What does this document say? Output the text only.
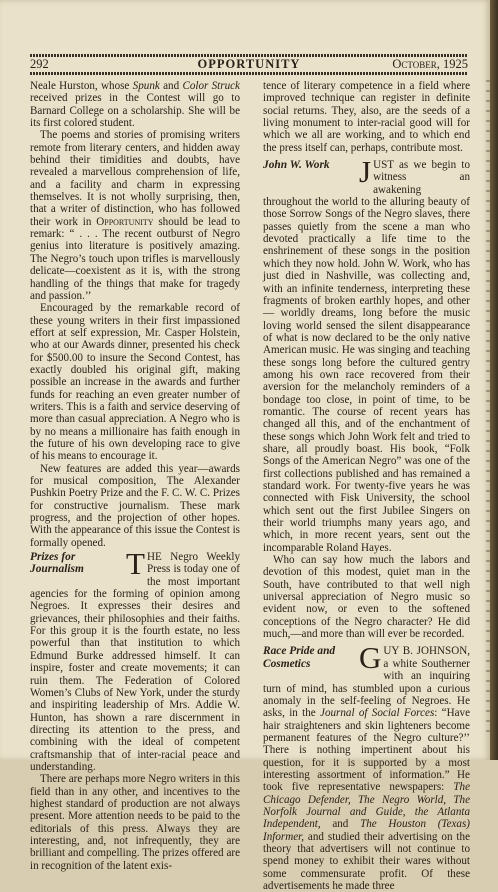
292	OPPORTUNITY	October, 1925

Neale Hurston, whose Spunk and Color Struck received prizes in the Contest will go to Barnard College on a scholarship. She will be its first colored student.

The poems and stories of promising writers remote from literary centers, and hidden away behind their timidities and doubts, have revealed a marvellous comprehension of life, and a facility and charm in expressing themselves. It is not wholly surprising, then, that a writer of distinction, who has followed their work in Opportunity should be lead to remark: “ . . . The recent outburst of Negro genius into literature is positively amazing. The Negro’s touch upon trifles is marvellously delicate—coexistent as it is, with the strong handling of the things that make for tragedy and passion.’’

Encouraged by the remarkable record of these young writers in their first impassioned effort at self expression, Mr. Casper Holstein, who at our Awards dinner, presented his check for $500.00 to insure the Second Contest, has exactly doubled his original gift, making possible an increase in the awards and further funds for reaching an even greater number of writers. This is a faith and service deserving of more than casual appreciation. A Negro who is by no means a millionaire has faith enough in the future of his own developing race to give of his means to encourage it.

New features are added this year—awards for musical composition, The Alexander Pushkin Poetry Prize and the F. C. W. C. Prizes for constructive journalism. These mark progress, and the projection of other hopes. With the appearance of this issue the Contest is formally opened.

Prizes for
Journalism	T HE Negro Weekly Press is today one of the most important agencies for the forming of opinion among Negroes. It expresses their desires and grievances, their philosophies and their faiths. For this group it is the fourth estate, no less powerful than that institution to which Edmund Burke addressed himself. It can inspire, foster and create movements; it can ruin them. The Federation of Colored Women’s Clubs of New York, under the sturdy and inspiriting leadership of Mrs. Addie W. Hunton, has shown a rare discernment in directing its attention to the press, and combining with the ideal of competent craftsmanship that of inter-racial peace and understanding.

There are perhaps more Negro writers in this field than in any other, and incentives to the highest standard of production are not always present. More attention needs to be paid to the editorials of this press. Always they are interesting, and, not infrequently, they are brilliant and compelling. The prizes offered are in recognition of the latent exis-

tence of literary competence in a field where improved technique can register in definite social returns. They, also, are the seeds of a living monument to inter-racial good will for which we all are working, and to which end the press itself can, perhaps, contribute most.

John W. Work J UST as we begin to witness an awakening throughout the world to the alluring beauty of those Sorrow Songs of the Negro slaves, there passes quietly from the scene a man who devoted practically a life time to the enshrinement of these songs in the position which they now hold. John W. Work, who has just died in Nashville, was collecting and, with an infinite tenderness, interpreting these fragments of broken earthly hopes, and other — worldly dreams, long before the music loving world sensed the silent disappearance of what is now declared to be the only native American music. He was singing and teaching these songs long before the cultured gentry among his own race recovered from their aversion for the melancholy reminders of a bondage too close, in point of time, to be romantic. The course of recent years has changed all this, and of the enchantment of these songs which John Work felt and tried to share, all proudly boast. His book, “Folk Songs of the American Negro” was one of the first collections published and has remained a standard work. For twenty-five years he was connected with Fisk University, the school which sent out the first Jubilee Singers on their world triumphs many years ago, and which, in more recent years, sent out the incomparable Roland Hayes.

Who can say how much the labors and devotion of this modest, quiet man in the South, have contributed to that well nigh universal appreciation of Negro music so evident now, or even to the softened conceptions of the Negro character? He did much,—and more than will ever be recorded.

Race Pride and
Cosmetics	G UY B. JOHNSON, a white Southerner with an inquiring turn of mind, has stumbled upon a curious anomaly in the self-feeling of Negroes. He asks, in the Journal of Social Forces: “Have hair straighteners and skin lighteners become permanent features of the Negro culture?’’ There is nothing impertinent about his question, for it is supported by a most interesting assortment of information.” He took five representative newspapers: The Chicago Defender, The Negro World, The Norfolk Journal and Guide, the Atlanta Independent, and The Houston (Texas) Informer, and studied their advertising on the theory that advertisers will not continue to spend money to exhibit their wares without some commensurate profit. Of these advertisements he made three
